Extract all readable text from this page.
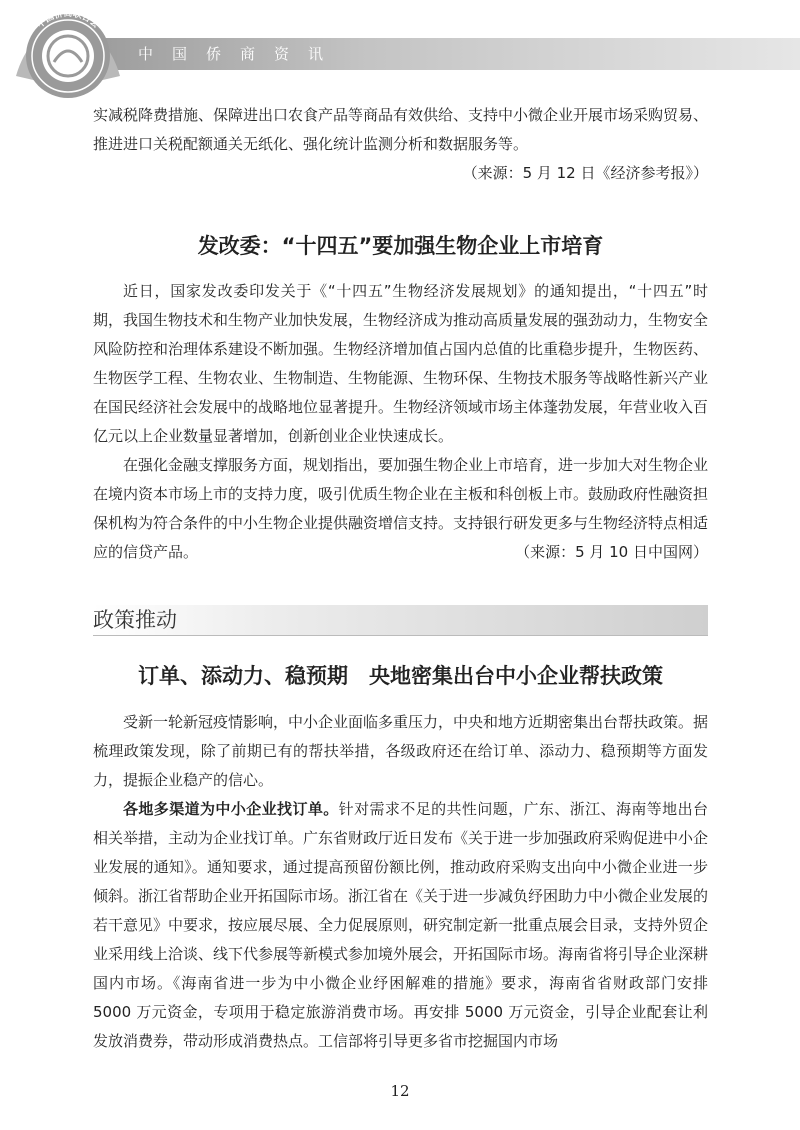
中国侨商资讯
中国侨商联合会

实减税降费措施、保障进出口农食产品等商品有效供给、支持中小微企业开展市场采购贸易、推进进口关税配额通关无纸化、强化统计监测分析和数据服务等。

（来源：5 月 12 日《经济参考报》）
发改委：“十四五”要加强生物企业上市培育

近日，国家发改委印发关于《“十四五”生物经济发展规划》的通知提出，“十四五”时期，我国生物技术和生物产业加快发展，生物经济成为推动高质量发展的强劲动力，生物安全风险防控和治理体系建设不断加强。生物经济增加值占国内总值的比重稳步提升，生物医药、生物医学工程、生物农业、生物制造、生物能源、生物环保、生物技术服务等战略性新兴产业在国民经济社会发展中的战略地位显著提升。生物经济领域市场主体蓬勃发展，年营业收入百亿元以上企业数量显著增加，创新创业企业快速成长。

在强化金融支撑服务方面，规划指出，要加强生物企业上市培育，进一步加大对生物企业在境内资本市场上市的支持力度，吸引优质生物企业在主板和科创板上市。鼓励政府性融资担保机构为符合条件的中小生物企业提供融资增信支持。支持银行研发更多与生物经济特点相适应的信贷产品。	（来源：5 月 10 日中国网）

政策推动
订单、添动力、稳预期　央地密集出台中小企业帮扶政策

受新一轮新冠疫情影响，中小企业面临多重压力，中央和地方近期密集出台帮扶政策。据梳理政策发现，除了前期已有的帮扶举措，各级政府还在给订单、添动力、稳预期等方面发力，提振企业稳产的信心。

各地多渠道为中小企业找订单。针对需求不足的共性问题，广东、浙江、海南等地出台相关举措，主动为企业找订单。广东省财政厅近日发布《关于进一步加强政府采购促进中小企业发展的通知》。通知要求，通过提高预留份额比例，推动政府采购支出向中小微企业进一步倾斜。浙江省帮助企业开拓国际市场。浙江省在《关于进一步减负纾困助力中小微企业发展的若干意见》中要求，按应展尽展、全力促展原则，研究制定新一批重点展会目录，支持外贸企业采用线上洽谈、线下代参展等新模式参加境外展会，开拓国际市场。海南省将引导企业深耕国内市场。《海南省进一步为中小微企业纾困解难的措施》要求，海南省省财政部门安排 5000 万元资金，专项用于稳定旅游消费市场。再安排 5000 万元资金，引导企业配套让利发放消费券，带动形成消费热点。工信部将引导更多省市挖掘国内市场

12
